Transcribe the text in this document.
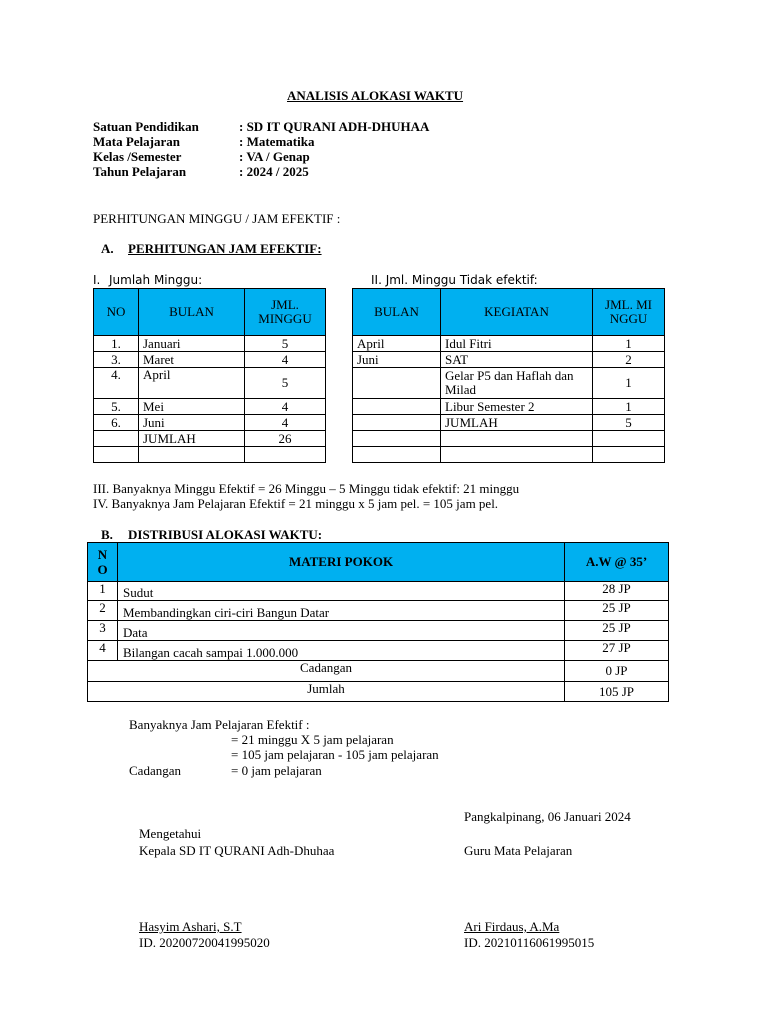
ANALISIS ALOKASI WAKTU
Satuan Pendidikan	: SD IT QURANI ADH-DHUHAA
Mata Pelajaran	: Matematika
Kelas /Semester	: VA / Genap
Tahun Pelajaran	: 2024 / 2025
PERHITUNGAN MINGGU / JAM EFEKTIF :
A. PERHITUNGAN JAM EFEKTIF:
I. Jumlah Minggu:	II. Jml. Minggu Tidak efektif:
NO	BULAN	JML. MINGGU
1.	Januari	5
3.	Maret	4
4.	April	5
5.	Mei	4
6.	Juni	4
	JUMLAH	26

BULAN	KEGIATAN	JML. MINGGU
April	Idul Fitri	1
Juni	SAT	2
	Gelar P5 dan Haflah dan Milad	1
	Libur Semester 2	1
	JUMLAH	5

III. Banyaknya Minggu Efektif = 26 Minggu – 5 Minggu tidak efektif: 21 minggu
IV. Banyaknya Jam Pelajaran Efektif = 21 minggu x 5 jam pel. = 105 jam pel.
B. DISTRIBUSI ALOKASI WAKTU:
NO	MATERI POKOK	A.W @ 35’
1	Sudut	28 JP
2	Membandingkan ciri-ciri Bangun Datar	25 JP
3	Data	25 JP
4	Bilangan cacah sampai 1.000.000	27 JP
Cadangan		0 JP
Jumlah		105 JP
Banyaknya Jam Pelajaran Efektif :
= 21 minggu X 5 jam pelajaran
= 105 jam pelajaran - 105 jam pelajaran
Cadangan	= 0 jam pelajaran
Pangkalpinang, 06 Januari 2024
Mengetahui
Kepala SD IT QURANI Adh-Dhuhaa	Guru Mata Pelajaran
Hasyim Ashari, S.T
ID. 20200720041995020
Ari Firdaus, A.Ma
ID. 20210116061995015
